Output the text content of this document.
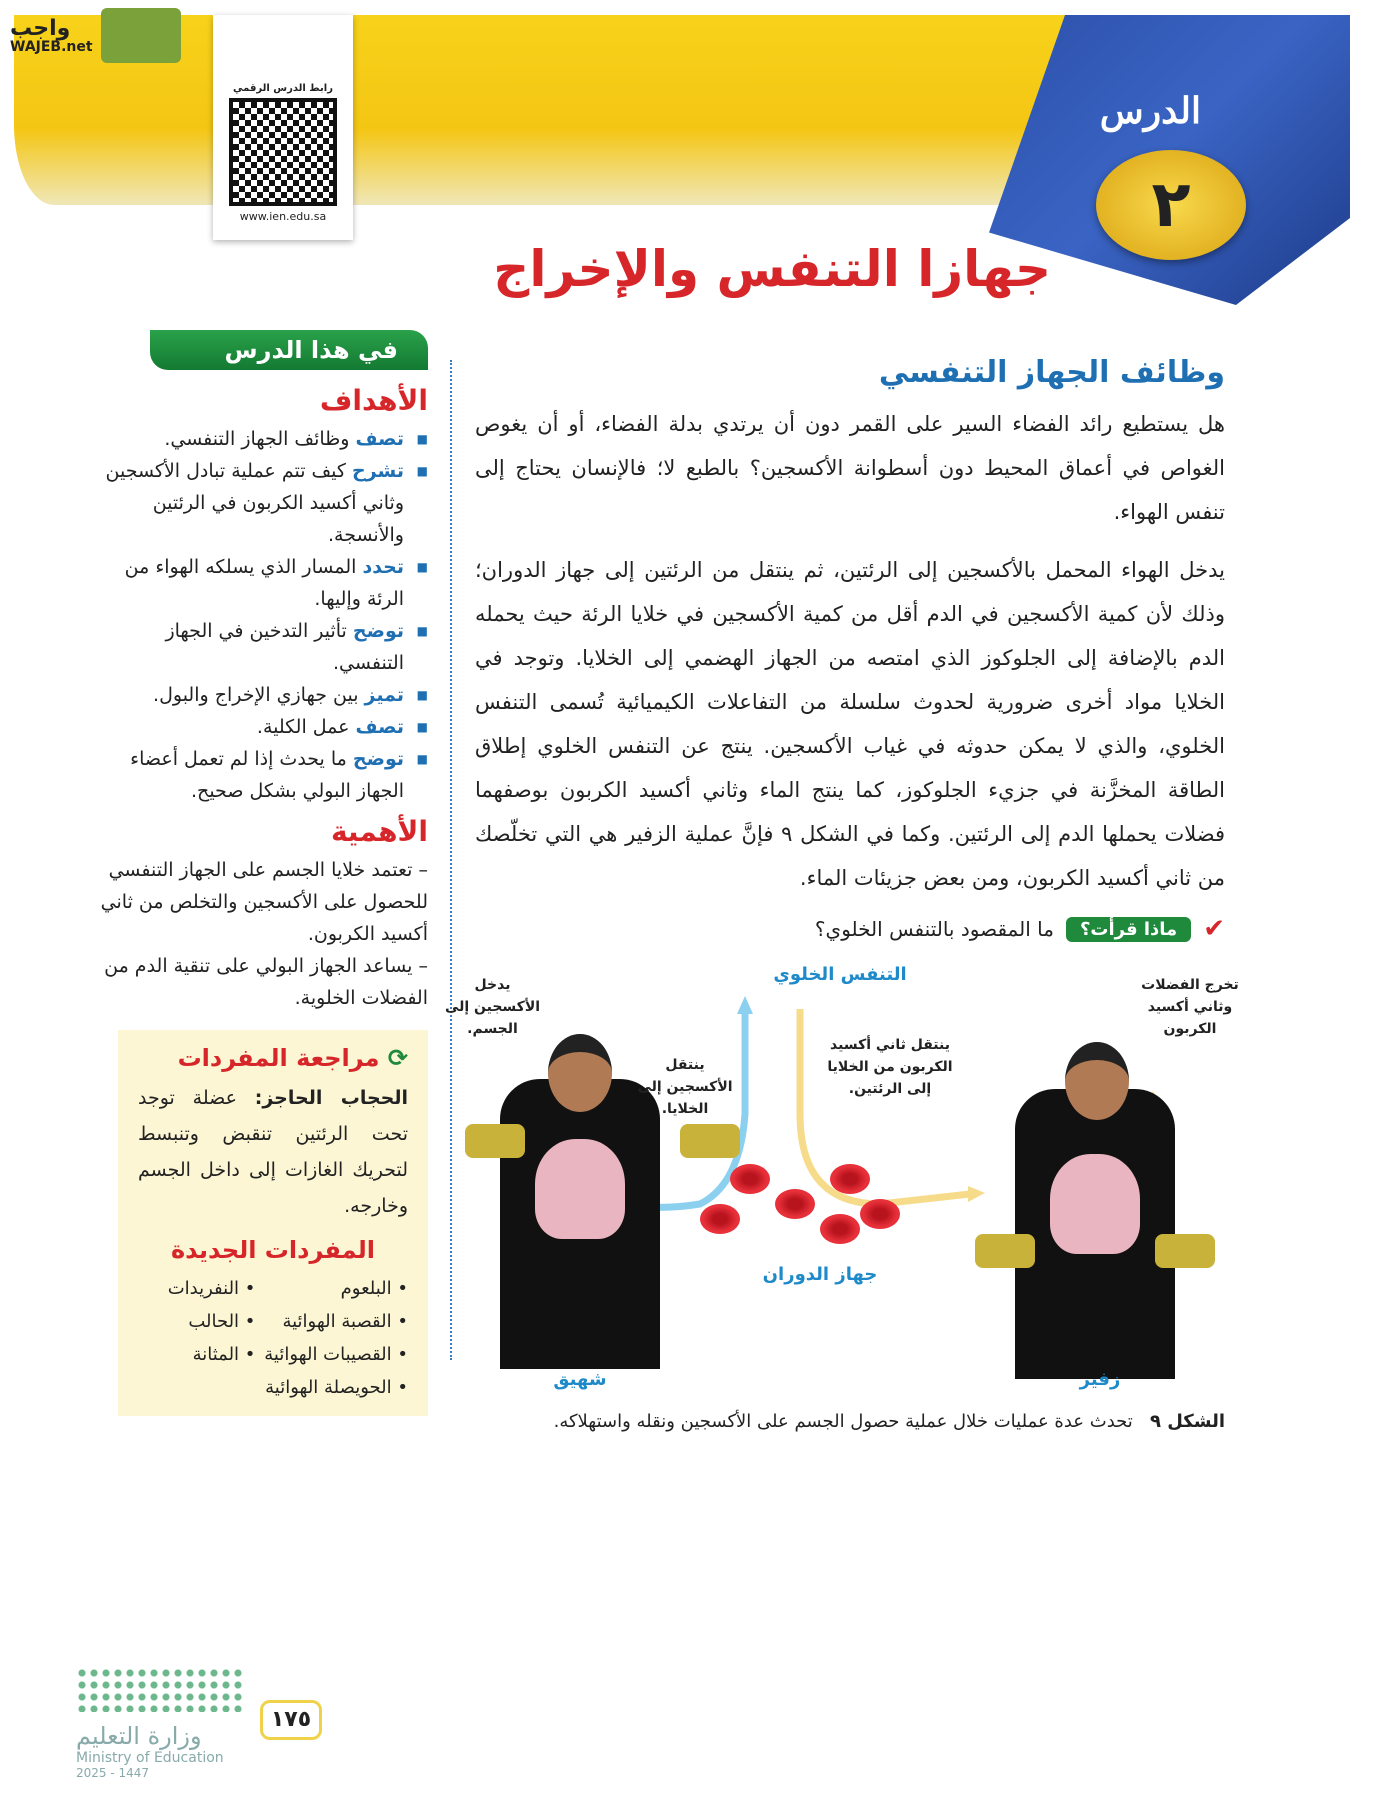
واجب
WAJEB.net
رابط الدرس الرقمي
www.ien.edu.sa
الدرس
٢
جهازا التنفس والإخراج
وظائف الجهاز التنفسي

هل يستطيع رائد الفضاء السير على القمر دون أن يرتدي بدلة الفضاء، أو أن يغوص الغواص في أعماق المحيط دون أسطوانة الأكسجين؟ بالطبع لا؛ فالإنسان يحتاج إلى تنفس الهواء.

يدخل الهواء المحمل بالأكسجين إلى الرئتين، ثم ينتقل من الرئتين إلى جهاز الدوران؛ وذلك لأن كمية الأكسجين في الدم أقل من كمية الأكسجين في خلايا الرئة حيث يحمله الدم بالإضافة إلى الجلوكوز الذي امتصه من الجهاز الهضمي إلى الخلايا. وتوجد في الخلايا مواد أخرى ضرورية لحدوث سلسلة من التفاعلات الكيميائية تُسمى التنفس الخلوي، والذي لا يمكن حدوثه في غياب الأكسجين. ينتج عن التنفس الخلوي إطلاق الطاقة المخزَّنة في جزيء الجلوكوز، كما ينتج الماء وثاني أكسيد الكربون بوصفهما فضلات يحملها الدم إلى الرئتين. وكما في الشكل ٩ فإنَّ عملية الزفير هي التي تخلّصك من ثاني أكسيد الكربون، ومن بعض جزيئات الماء.

✔
ماذا قرأت؟
ما المقصود بالتنفس الخلوي؟
التنفس الخلوي
يدخل الأكسجين إلى الجسم.
ينتقل الأكسجين إلى الخلايا.
ينتقل ثاني أكسيد الكربون من الخلايا إلى الرئتين.
تخرج الفضلات وثاني أكسيد الكربون
جهاز الدوران
شهيق	زفير
الشكل ٩   تحدث عدة عمليات خلال عملية حصول الجسم على الأكسجين ونقله واستهلاكه.
في هذا الدرس
الأهداف
■ تصف وظائف الجهاز التنفسي.
■ تشرح كيف تتم عملية تبادل الأكسجين وثاني أكسيد الكربون في الرئتين والأنسجة.
■ تحدد المسار الذي يسلكه الهواء من الرئة وإليها.
■ توضح تأثير التدخين في الجهاز التنفسي.
■ تميز بين جهازي الإخراج والبول.
■ تصف عمل الكلية.
■ توضح ما يحدث إذا لم تعمل أعضاء الجهاز البولي بشكل صحيح.
الأهمية

– تعتمد خلايا الجسم على الجهاز التنفسي للحصول على الأكسجين والتخلص من ثاني أكسيد الكربون.

– يساعد الجهاز البولي على تنقية الدم من الفضلات الخلوية.

⟳ مراجعة المفردات
الحجاب الحاجز: عضلة توجد تحت الرئتين تنقبض وتنبسط لتحريك الغازات إلى داخل الجسم وخارجه.
المفردات الجديدة
• البلعوم
• النفريدات
• القصبة الهوائية
• الحالب
• القصيبات الهوائية
• المثانة
• الحويصلة الهوائية
وزارة التعليم
Ministry of Education
2025 - 1447
١٧٥
